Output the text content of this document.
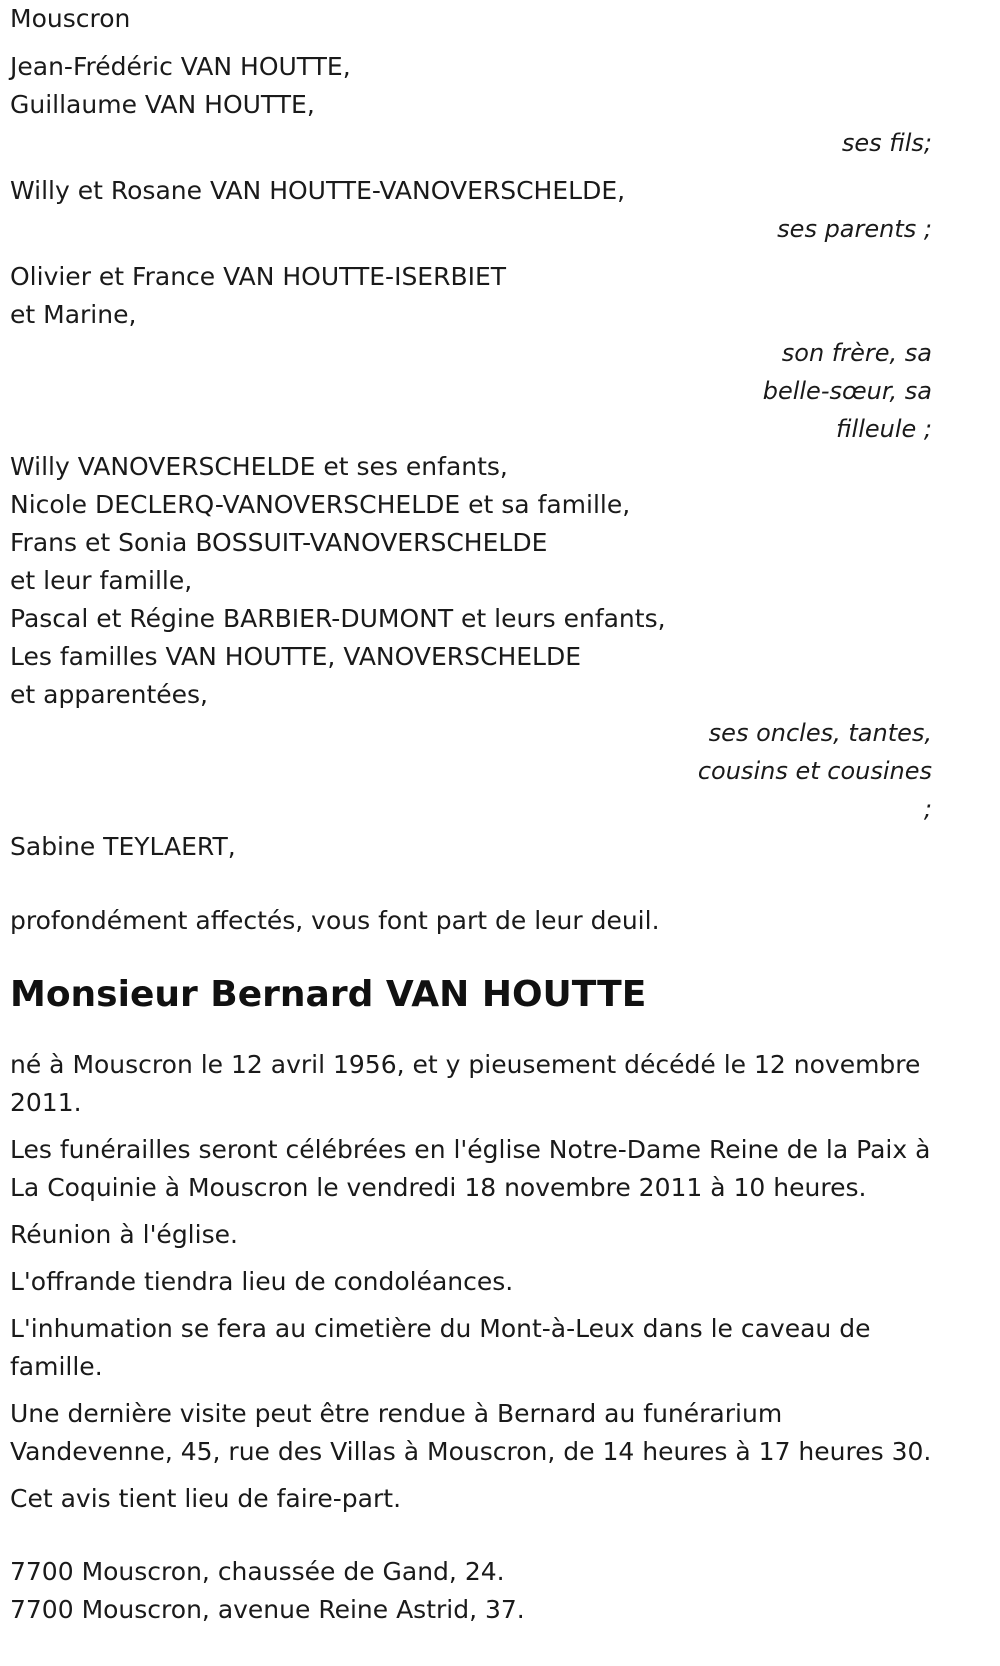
Mouscron
Jean-Frédéric VAN HOUTTE,
Guillaume VAN HOUTTE,
ses fils;
Willy et Rosane VAN HOUTTE-VANOVERSCHELDE,
ses parents ;
Olivier et France VAN HOUTTE-ISERBIET
et Marine,
son frère, sa
belle-sœur, sa
filleule ;
Willy VANOVERSCHELDE et ses enfants,
Nicole DECLERQ-VANOVERSCHELDE et sa famille,
Frans et Sonia BOSSUIT-VANOVERSCHELDE
et leur famille,
Pascal et Régine BARBIER-DUMONT et leurs enfants,
Les familles VAN HOUTTE, VANOVERSCHELDE
et apparentées,
ses oncles, tantes,
cousins et cousines
;
Sabine TEYLAERT,
profondément affectés, vous font part de leur deuil.
Monsieur Bernard VAN HOUTTE
né à Mouscron le 12 avril 1956, et y pieusement décédé le 12 novembre 2011.
Les funérailles seront célébrées en l'église Notre-Dame Reine de la Paix à La Coquinie à Mouscron le vendredi 18 novembre 2011 à 10 heures.
Réunion à l'église.
L'offrande tiendra lieu de condoléances.
L'inhumation se fera au cimetière du Mont-à-Leux dans le caveau de famille.
Une dernière visite peut être rendue à Bernard au funérarium Vandevenne, 45, rue des Villas à Mouscron, de 14 heures à 17 heures 30.
Cet avis tient lieu de faire-part.
7700 Mouscron, chaussée de Gand, 24.
7700 Mouscron, avenue Reine Astrid, 37.
